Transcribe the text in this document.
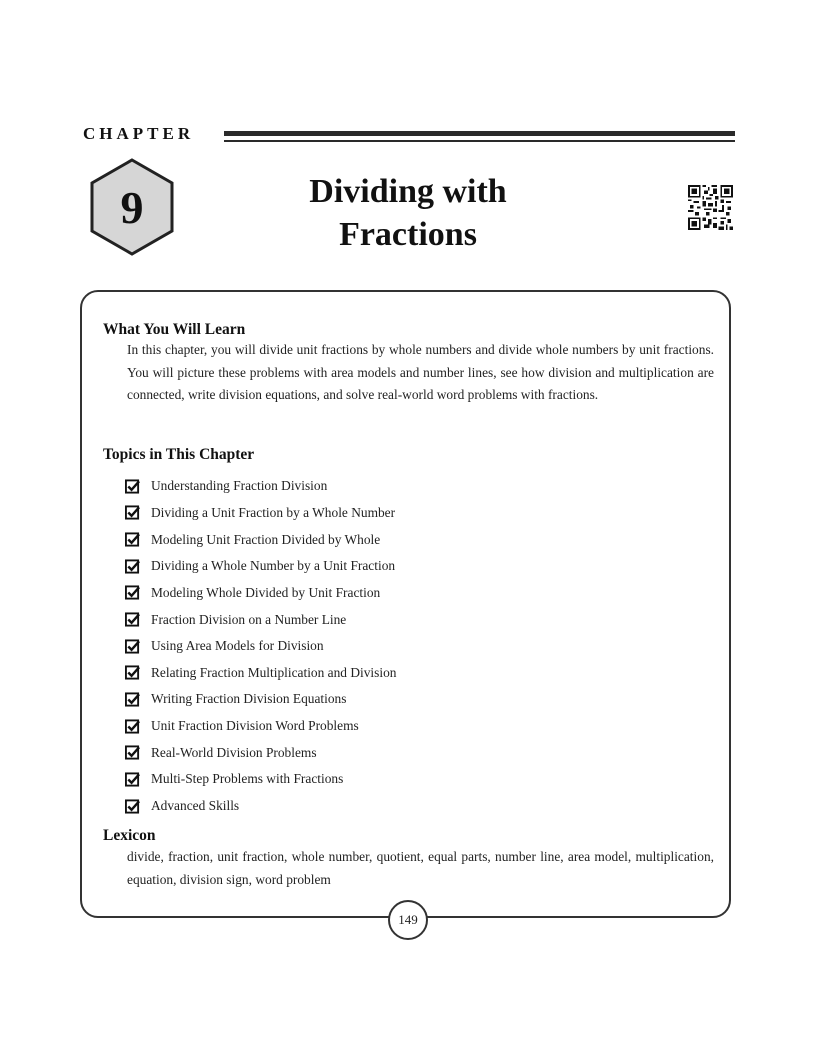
CHAPTER
9	Dividing with
Fractions
What You Will Learn

In this chapter, you will divide unit fractions by whole numbers and divide whole numbers by unit fractions. You will picture these problems with area models and number lines, see how division and multiplication are connected, write division equations, and solve real-world word problems with fractions.

Topics in This Chapter
Understanding Fraction Division
Dividing a Unit Fraction by a Whole Number
Modeling Unit Fraction Divided by Whole
Dividing a Whole Number by a Unit Fraction
Modeling Whole Divided by Unit Fraction
Fraction Division on a Number Line
Using Area Models for Division
Relating Fraction Multiplication and Division
Writing Fraction Division Equations
Unit Fraction Division Word Problems
Real-World Division Problems
Multi-Step Problems with Fractions
Advanced Skills
Lexicon

divide, fraction, unit fraction, whole number, quotient, equal parts, number line, area model, multiplication, equation, division sign, word problem

149
